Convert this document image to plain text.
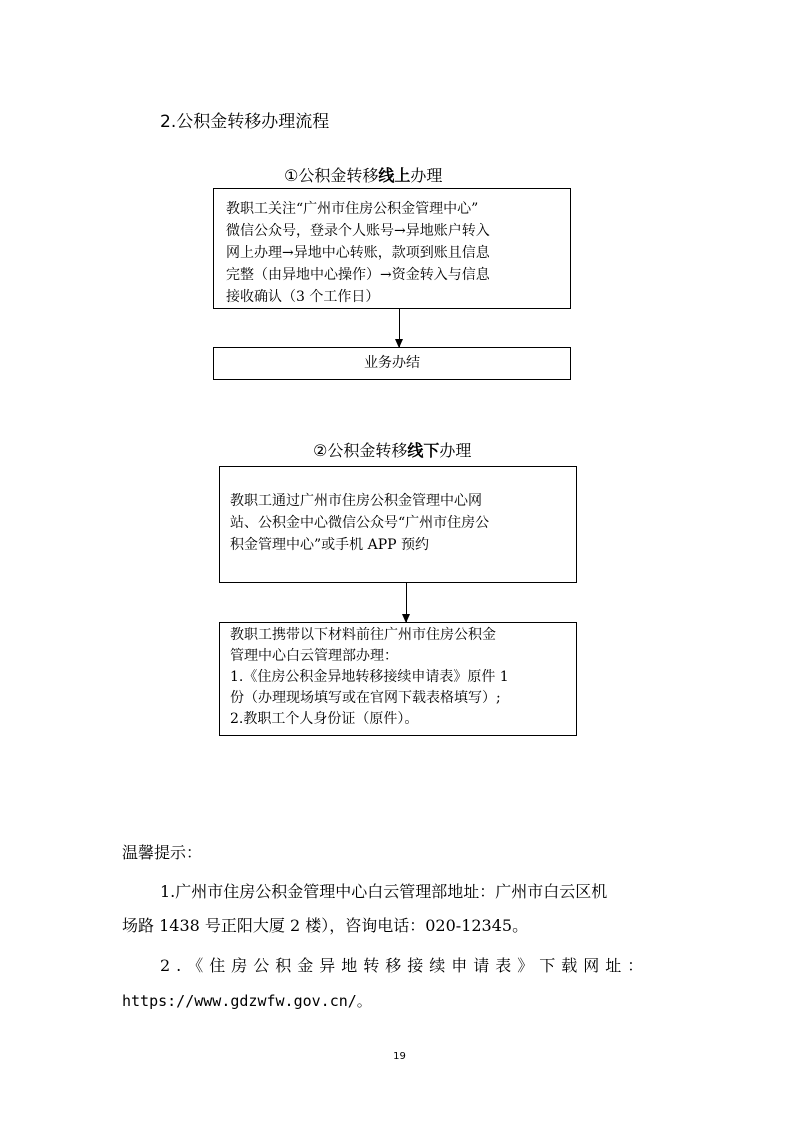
2.公积金转移办理流程
①公积金转移线上办理
教职工关注“广州市住房公积金管理中心”
微信公众号，登录个人账号→异地账户转入
网上办理→异地中心转账，款项到账且信息
完整（由异地中心操作）→资金转入与信息
接收确认（3 个工作日）
业务办结
②公积金转移线下办理
教职工通过广州市住房公积金管理中心网
站、公积金中心微信公众号“广州市住房公
积金管理中心”或手机 APP 预约
教职工携带以下材料前往广州市住房公积金
管理中心白云管理部办理：
1.《住房公积金异地转移接续申请表》原件 1
份（办理现场填写或在官网下载表格填写）;
2.教职工个人身份证（原件）。
温馨提示：
1.广州市住房公积金管理中心白云管理部地址：广州市白云区机
场路 1438 号正阳大厦 2 楼），咨询电话：020-12345。
2.《住房公积金异地转移接续申请表》下载网址：
https://www.gdzwfw.gov.cn/。
19
